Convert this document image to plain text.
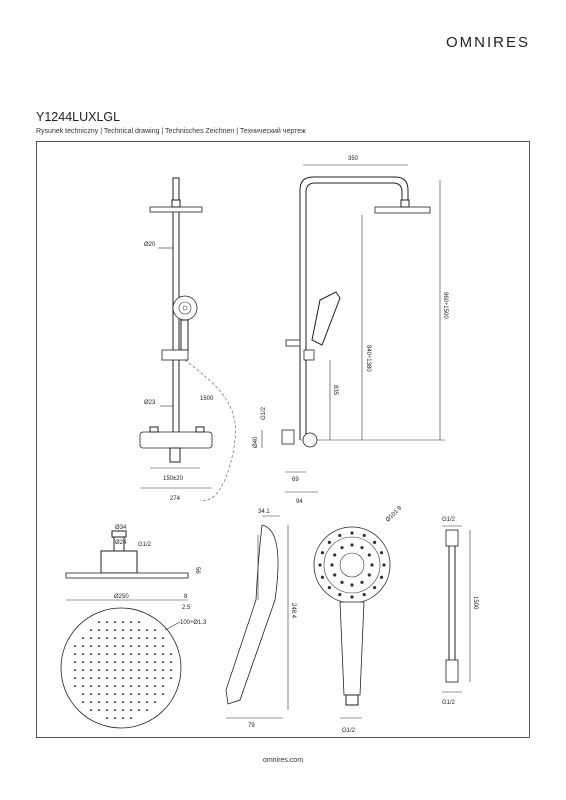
OMNIRES
Y1244LUXLGL
Rysunek techniczny | Technical drawing | Technisches Zeichnen | Технический чертеж
Ø20
1500
Ø23
150±20
274
350
840÷1380
960÷1500
835
G1/2
Ø40
69
94
Ø34
Ø24 G1/2
56
8
Ø250
2.5
100÷Ø1.3
34.1
248.4
79
Ø101.9
G1/2
G1/2
1500
G1/2
omnires.com
